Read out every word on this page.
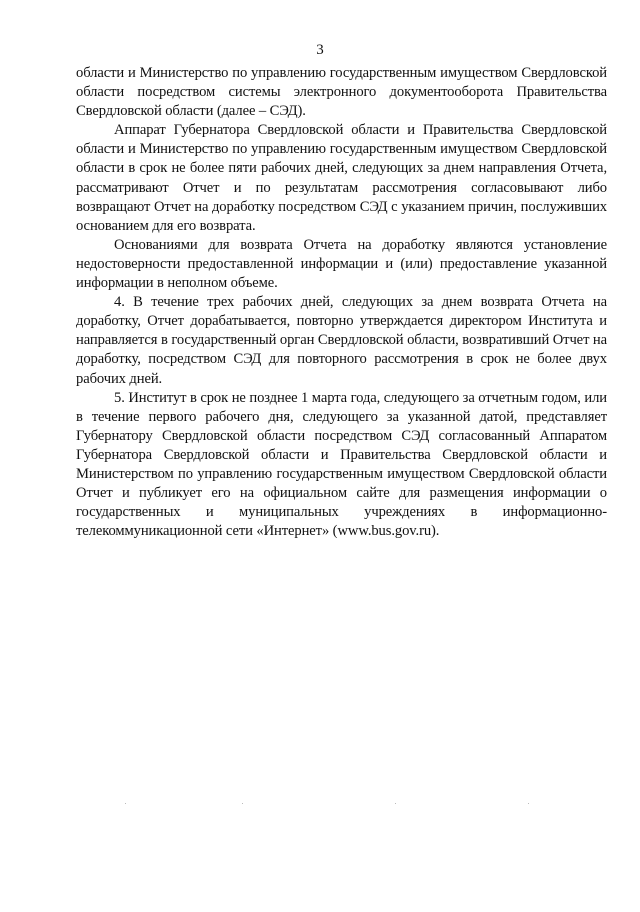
3

области и Министерство по управлению государственным имуществом Свердловской области посредством системы электронного документооборота Правительства Свердловской области (далее – СЭД).

Аппарат Губернатора Свердловской области и Правительства Свердловской области и Министерство по управлению государственным имуществом Свердловской области в срок не более пяти рабочих дней, следующих за днем направления Отчета, рассматривают Отчет и по результатам рассмотрения согласовывают либо возвращают Отчет на доработку посредством СЭД с указанием причин, послуживших основанием для его возврата.

Основаниями для возврата Отчета на доработку являются установление недостоверности предоставленной информации и (или) предоставление указанной информации в неполном объеме.

4. В течение трех рабочих дней, следующих за днем возврата Отчета на доработку, Отчет дорабатывается, повторно утверждается директором Института и направляется в государственный орган Свердловской области, возвративший Отчет на доработку, посредством СЭД для повторного рассмотрения в срок не более двух рабочих дней.

5. Институт в срок не позднее 1 марта года, следующего за отчетным годом, или в течение первого рабочего дня, следующего за указанной датой, представляет Губернатору Свердловской области посредством СЭД согласованный Аппаратом Губернатора Свердловской области и Правительства Свердловской области и Министерством по управлению государственным имуществом Свердловской области Отчет и публикует его на официальном сайте для размещения информации о государственных и муниципальных учреждениях в информационно-телекоммуникационной сети «Интернет» (www.bus.gov.ru).
